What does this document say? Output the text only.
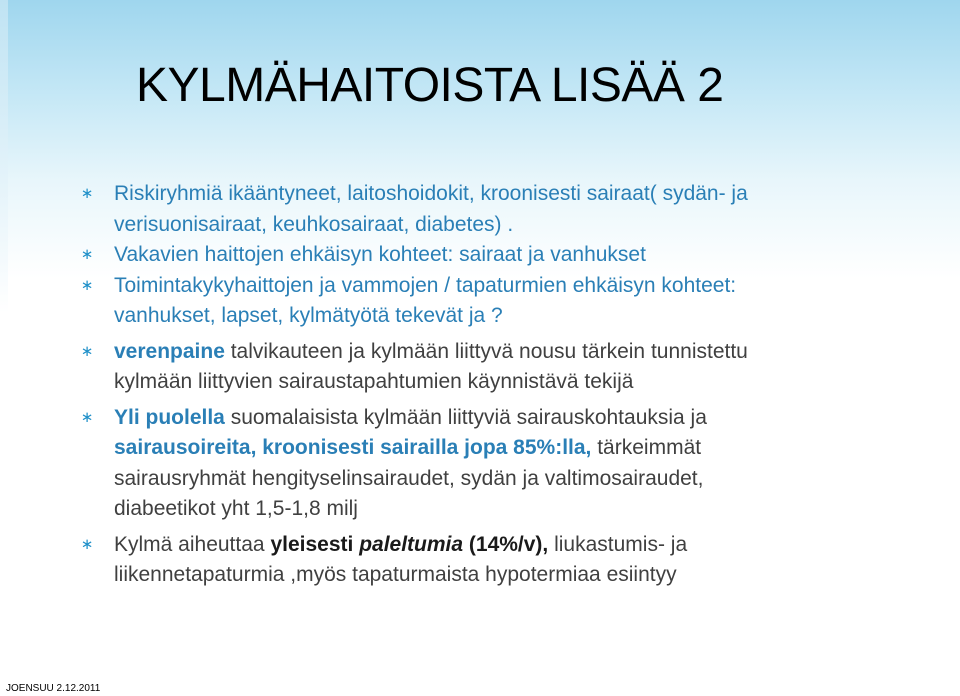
KYLMÄHAITOISTA LISÄÄ 2
∗ Riskiryhmiä ikääntyneet, laitoshoidokit, kroonisesti sairaat( sydän- ja
verisuonisairaat, keuhkosairaat, diabetes) .
∗ Vakavien haittojen ehkäisyn kohteet: sairaat ja vanhukset
∗ Toimintakykyhaittojen ja vammojen / tapaturmien ehkäisyn kohteet:
vanhukset, lapset, kylmätyötä tekevät ja ?
∗ verenpaine talvikauteen ja kylmään liittyvä nousu tärkein tunnistettu
kylmään liittyvien sairaustapahtumien käynnistävä tekijä
∗ Yli puolella suomalaisista kylmään liittyviä sairauskohtauksia ja
sairausoireita, kroonisesti sairailla jopa 85%:lla, tärkeimmät
sairausryhmät hengityselinsairaudet, sydän ja valtimosairaudet,
diabeetikot yht 1,5-1,8 milj
∗ Kylmä aiheuttaa yleisesti paleltumia (14%/v), liukastumis- ja
liikennetapaturmia ,myös tapaturmaista hypotermiaa esiintyy
JOENSUU 2.12.2011
